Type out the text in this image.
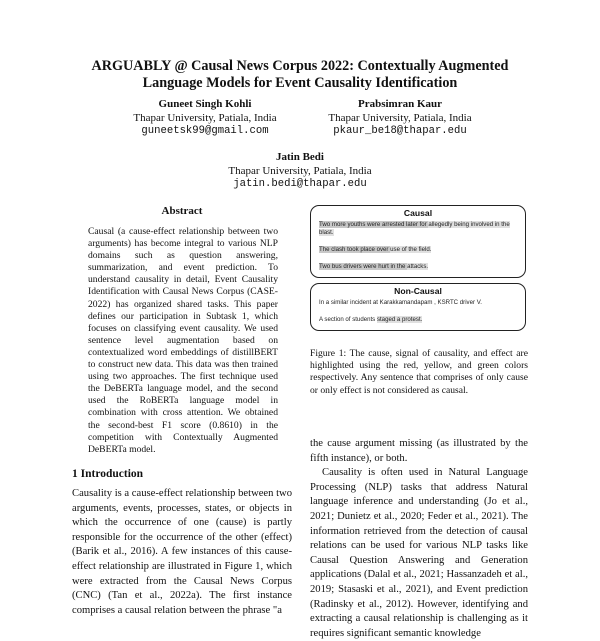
ARGUABLY @ Causal News Corpus 2022: Contextually Augmented
Language Models for Event Causality Identification
Guneet Singh Kohli
Thapar University, Patiala, India
guneetsk99@gmail.com
Prabsimran Kaur
Thapar University, Patiala, India
pkaur_be18@thapar.edu
Jatin Bedi
Thapar University, Patiala, India
jatin.bedi@thapar.edu
Abstract
Causal (a cause-effect relationship between two arguments) has become integral to various NLP domains such as question answering, summarization, and event prediction. To understand causality in detail, Event Causality Identification with Causal News Corpus (CASE-2022) has organized shared tasks. This paper defines our participation in Subtask 1, which focuses on classifying event causality. We used sentence level augmentation based on contextualized word embeddings of distillBERT to construct new data. This data was then trained using two approaches. The first technique used the DeBERTa language model, and the second used the RoBERTa language model in combination with cross attention. We obtained the second-best F1 score (0.8610) in the competition with Contextually Augmented DeBERTa model.
1 Introduction
Causality is a cause-effect relationship between two arguments, events, processes, states, or objects in which the occurrence of one (cause) is partly responsible for the occurrence of the other (effect) (Barik et al., 2016). A few instances of this cause-effect relationship are illustrated in Figure 1, which were extracted from the Causal News Corpus (CNC) (Tan et al., 2022a). The first instance comprises a causal relation between the phrase "a
Causal
Two more youths were arrested later for allegedly being involved in the blast.
The clash took place over use of the field.
Two bus drivers were hurt in the attacks.
Non-Causal
In a similar incident at Karakkamandapam , KSRTC driver V.
A section of students staged a protest.
Figure 1: The cause, signal of causality, and effect are highlighted using the red, yellow, and green colors respectively. Any sentence that comprises of only cause or only effect is not considered as causal.

the cause argument missing (as illustrated by the fifth instance), or both.

Causality is often used in Natural Language Processing (NLP) tasks that address Natural language inference and understanding (Jo et al., 2021; Dunietz et al., 2020; Feder et al., 2021). The information retrieved from the detection of causal relations can be used for various NLP tasks like Causal Question Answering and Generation applications (Dalal et al., 2021; Hassanzadeh et al., 2019; Stasaski et al., 2021), and Event prediction (Radinsky et al., 2012). However, identifying and extracting a causal relationship is challenging as it requires significant semantic knowledge
